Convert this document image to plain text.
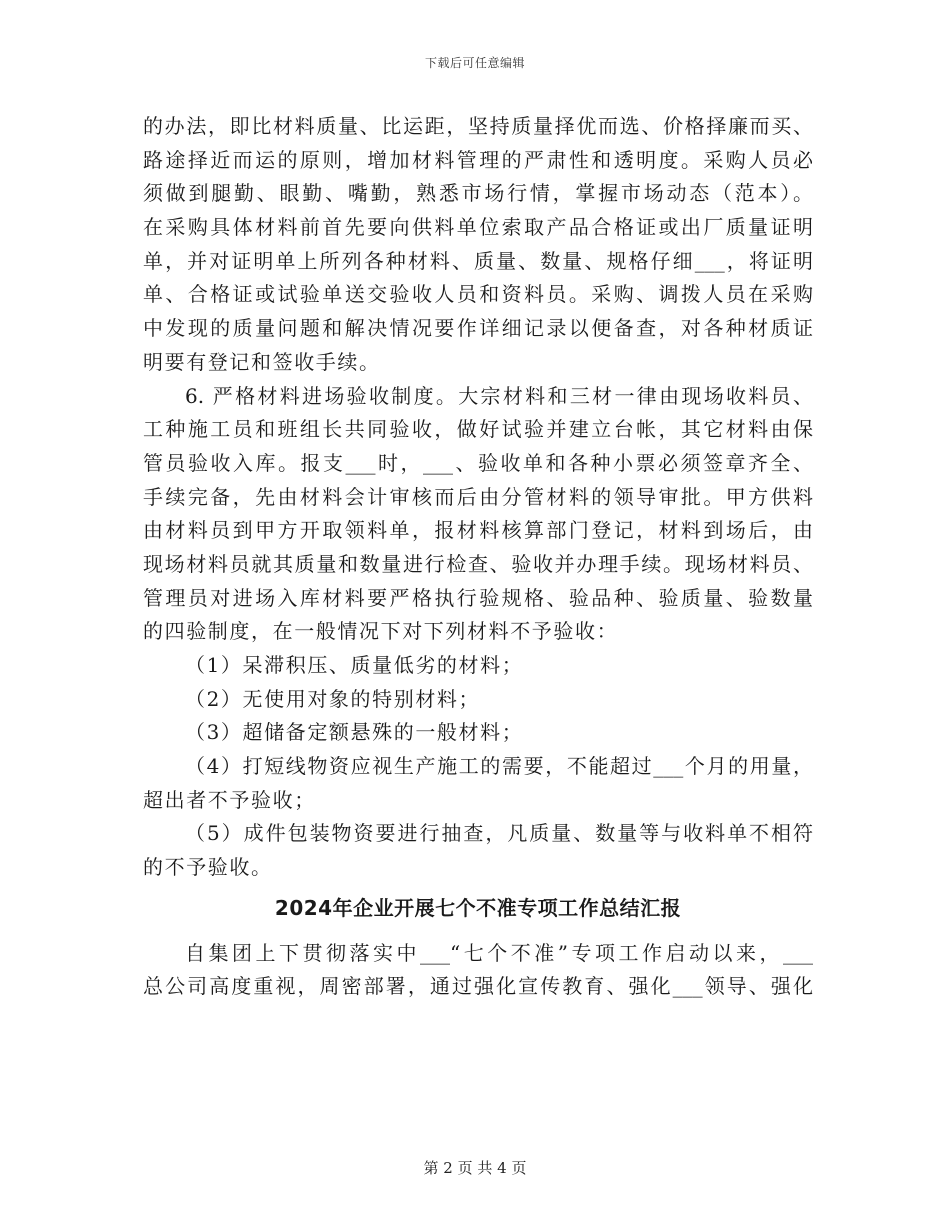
下载后可任意编辑
的办法，即比材料质量、比运距，坚持质量择优而选、价格择廉而买、
路途择近而运的原则，增加材料管理的严肃性和透明度。采购人员必
须做到腿勤、眼勤、嘴勤，熟悉市场行情，掌握市场动态（范本）。
在采购具体材料前首先要向供料单位索取产品合格证或出厂质量证明
单，并对证明单上所列各种材料、质量、数量、规格仔细___，将证明
单、合格证或试验单送交验收人员和资料员。采购、调拨人员在采购
中发现的质量问题和解决情况要作详细记录以便备查，对各种材质证
明要有登记和签收手续。
6. 严格材料进场验收制度。大宗材料和三材一律由现场收料员、
工种施工员和班组长共同验收，做好试验并建立台帐，其它材料由保
管员验收入库。报支___时，___、验收单和各种小票必须签章齐全、
手续完备，先由材料会计审核而后由分管材料的领导审批。甲方供料
由材料员到甲方开取领料单，报材料核算部门登记，材料到场后，由
现场材料员就其质量和数量进行检查、验收并办理手续。现场材料员、
管理员对进场入库材料要严格执行验规格、验品种、验质量、验数量
的四验制度，在一般情况下对下列材料不予验收：
（1）呆滞积压、质量低劣的材料；
（2）无使用对象的特别材料；
（3）超储备定额悬殊的一般材料；
（4）打短线物资应视生产施工的需要，不能超过___个月的用量，
超出者不予验收；
（5）成件包装物资要进行抽查，凡质量、数量等与收料单不相符
的不予验收。
2024年企业开展七个不准专项工作总结汇报
自集团上下贯彻落实中___“七个不准”专项工作启动以来，___
总公司高度重视，周密部署，通过强化宣传教育、强化___领导、强化
第 2 页 共 4 页
